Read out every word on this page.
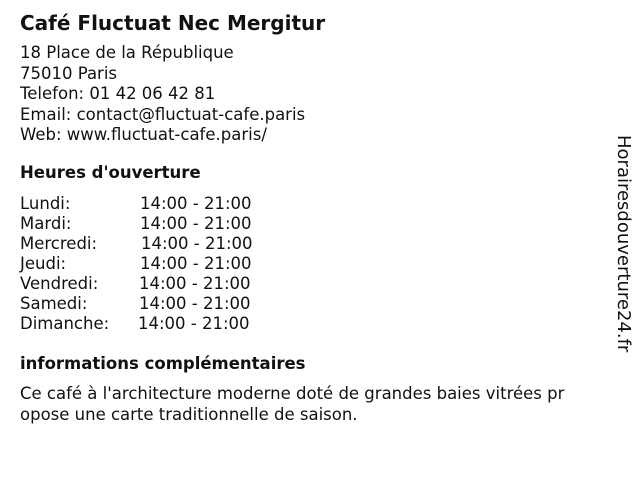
Café Fluctuat Nec Mergitur
18 Place de la République
75010 Paris
Telefon: 01 42 06 42 81
Email: contact@fluctuat-cafe.paris
Web: www.fluctuat-cafe.paris/
Heures d'ouverture
Lundi:	14:00 - 21:00
Mardi:	14:00 - 21:00
Mercredi:	14:00 - 21:00
Jeudi:	14:00 - 21:00
Vendredi: 14:00 - 21:00
Samedi:	14:00 - 21:00
Dimanche: 14:00 - 21:00
informations complémentaires
Ce café à l'architecture moderne doté de grandes baies vitrées pr
opose une carte traditionnelle de saison.
Horairesdouverture24.fr
